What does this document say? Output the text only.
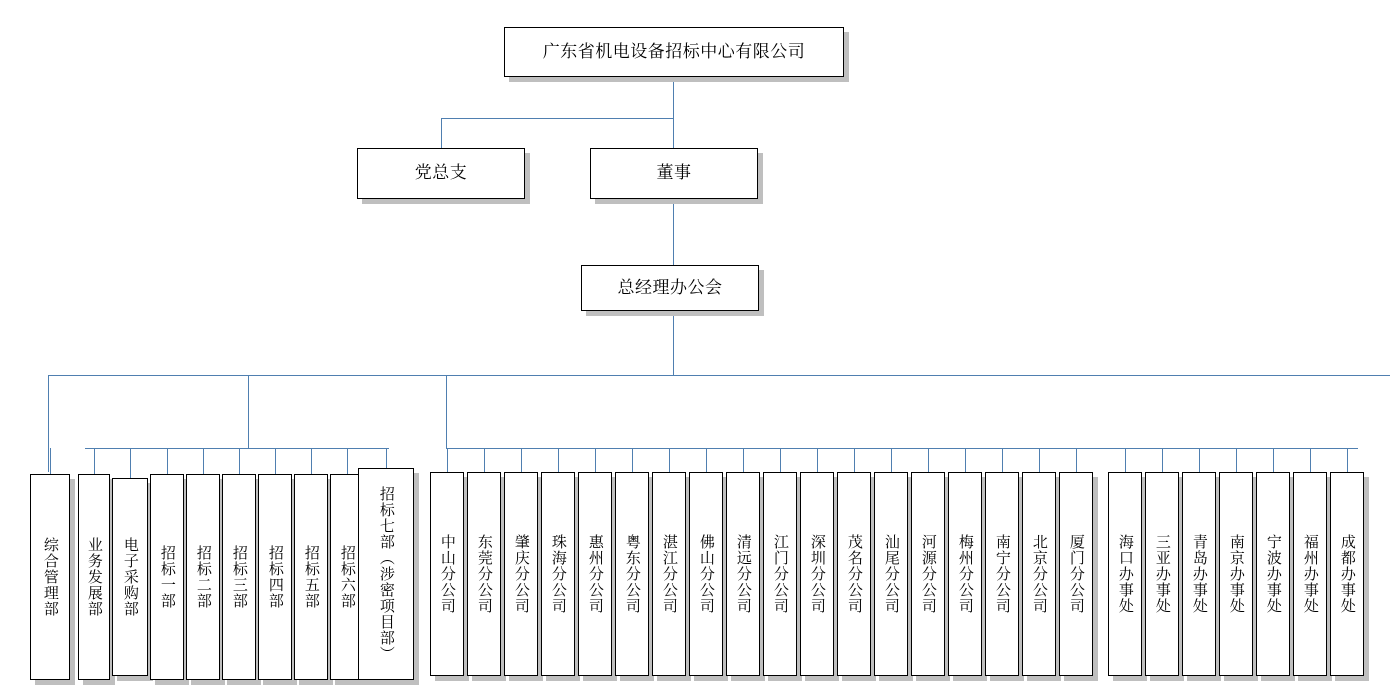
广东省机电设备招标中心有限公司
党总支	董事
总经理办公会
综合管理部 业务发展部 电子采购部 招标一部 招标二部 招标三部 招标四部 招标五部 招标六部 招标七部（涉密项目部）	中山分公司 东莞分公司 肇庆分公司 珠海分公司 惠州分公司 粤东分公司 湛江分公司 佛山分公司 清远分公司 江门分公司 深圳分公司 茂名分公司 汕尾分公司 河源分公司 梅州分公司 南宁分公司 北京分公司 厦门分公司 海口办事处 三亚办事处 青岛办事处 南京办事处 宁波办事处 福州办事处 成都办事处
